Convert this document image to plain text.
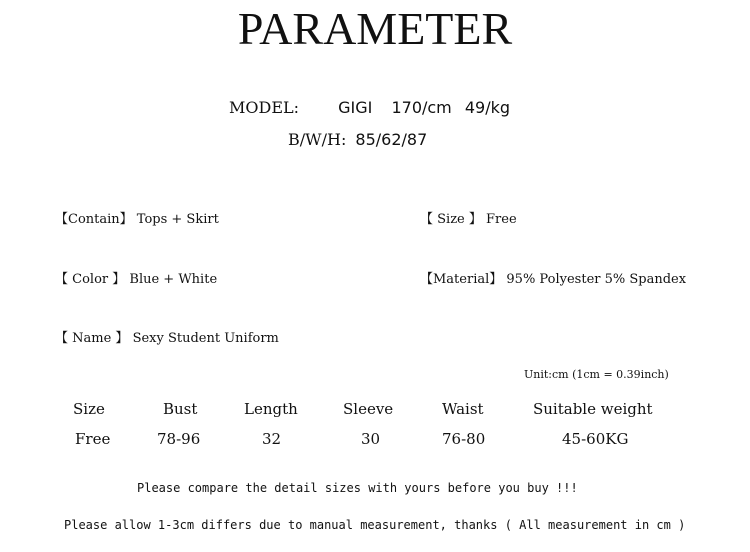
PARAMETER
MODEL: GIGI 170/cm 49/kg
B/W/H: 85/62/87
【Contain】 Tops + Skirt	【 Size 】 Free
【 Color 】 Blue + White	【Material】 95% Polyester 5% Spandex
【 Name 】 Sexy Student Uniform
Unit:cm (1cm = 0.39inch)
Size	Bust	Length	Sleeve	Waist	Suitable weight
Free	78-96	32	30	76-80	45-60KG
Please compare the detail sizes with yours before you buy !!!
Please allow 1-3cm differs due to manual measurement, thanks ( All measurement in cm )
